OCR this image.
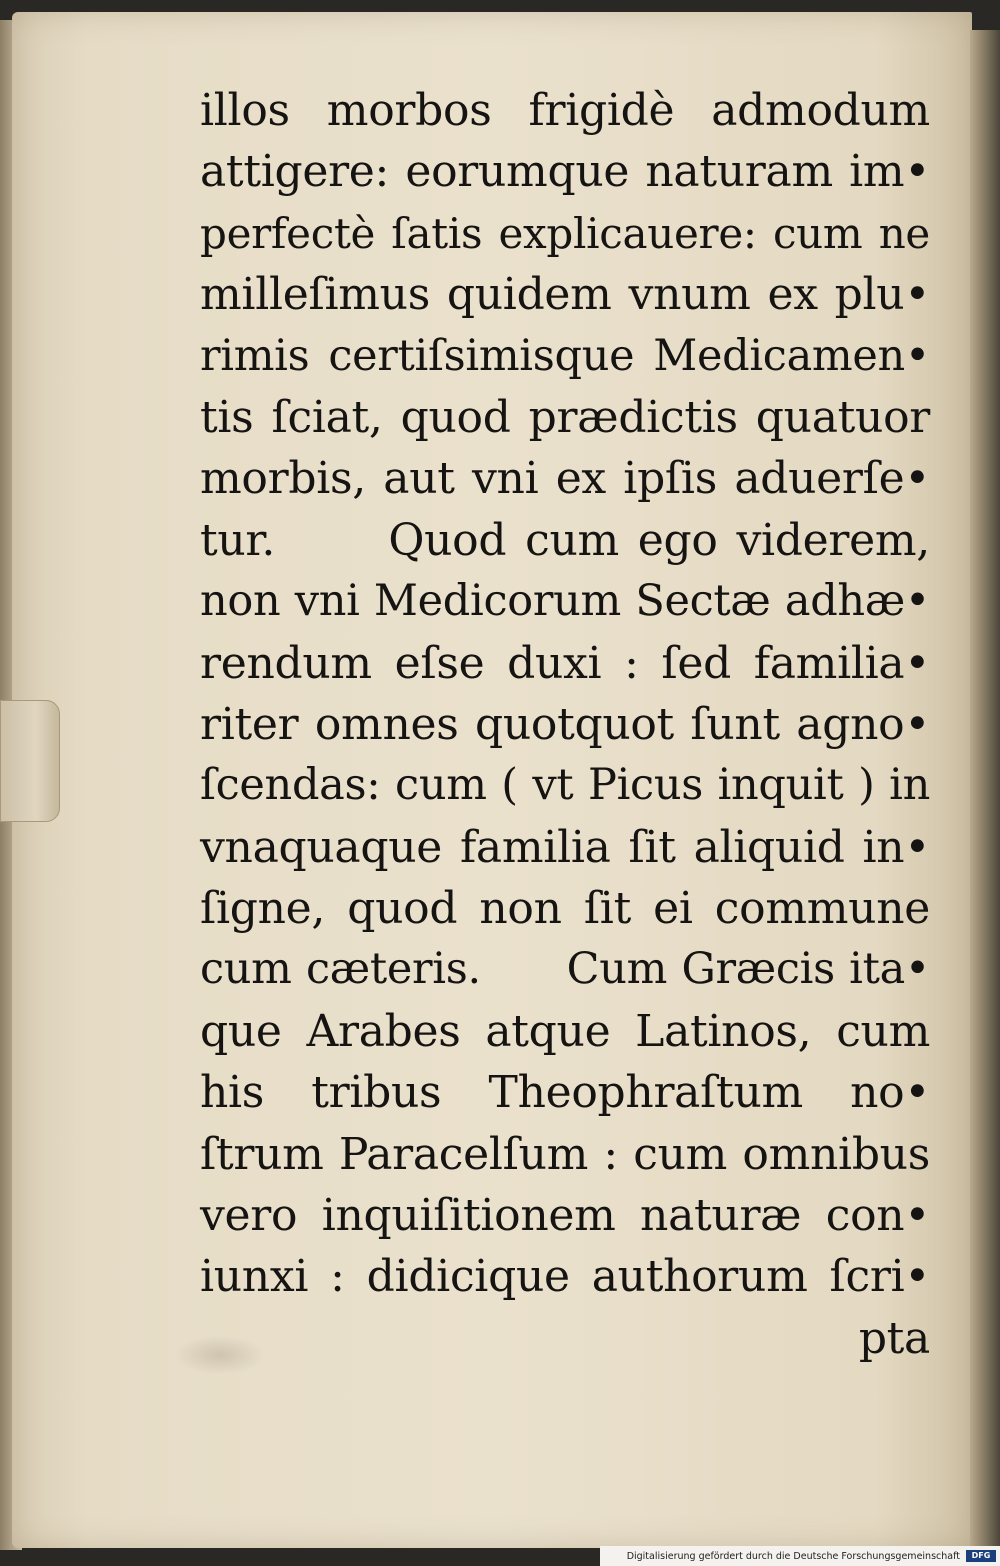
illos morbos frigidè admodum
attigere: eorumque naturam im•
perfectè ſatis explicauere: cum ne
milleſimus quidem vnum ex plu•
rimis certiſsimisque Medicamen•
tis ſciat, quod prædictis quatuor
morbis, aut vni ex ipſis aduerſe•
tur.      Quod cum ego viderem,
non vni Medicorum Sectæ adhæ•
rendum eſse duxi : ſed familia•
riter omnes quotquot ſunt agno•
ſcendas: cum ( vt Picus inquit ) in
vnaquaque familia ſit aliquid in•
ſigne, quod non ſit ei commune
cum cæteris.      Cum Græcis ita•
que Arabes atque Latinos, cum
his tribus Theophraſtum no•
ſtrum Paracelſum : cum omnibus
vero inquiſitionem naturæ con•
iunxi : didicique authorum ſcri•
pta
Digitalisierung gefördert durch die Deutsche Forschungsgemeinschaft	DFG
